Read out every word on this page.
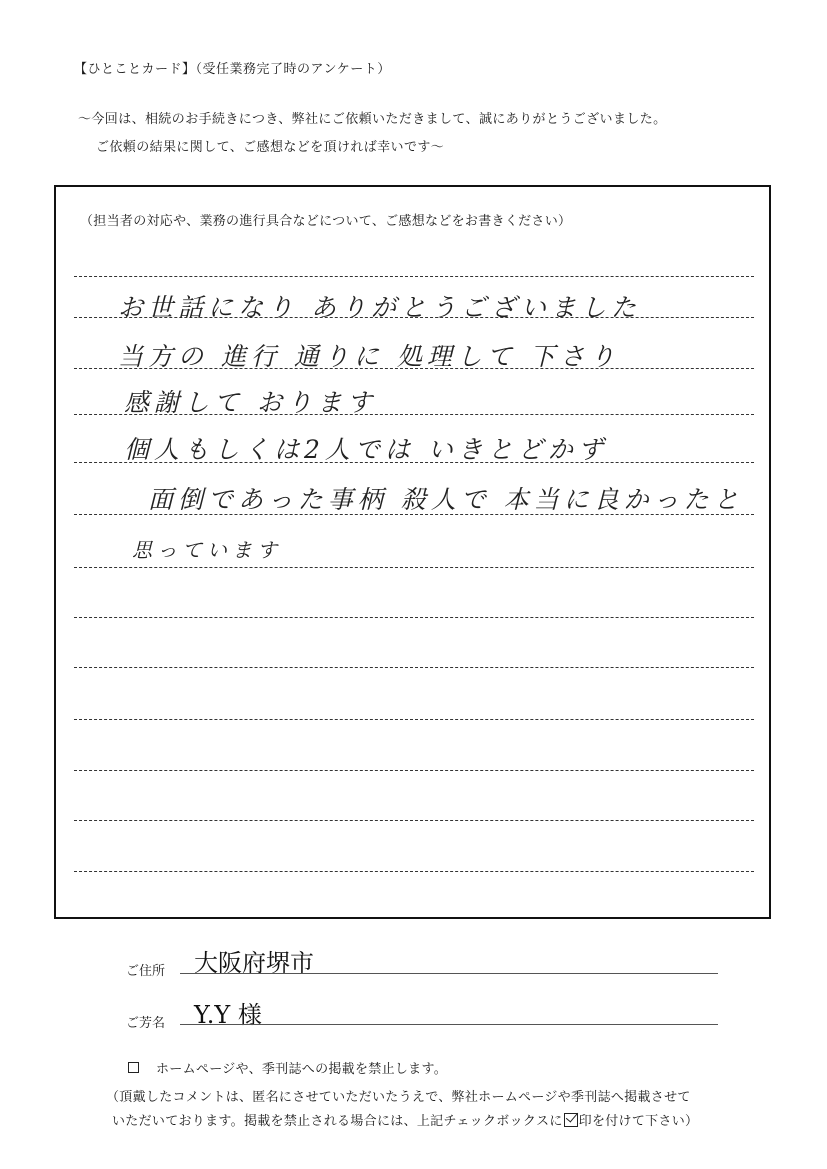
【ひとことカード】（受任業務完了時のアンケート）
～今回は、相続のお手続きにつき、弊社にご依頼いただきまして、誠にありがとうございました。
ご依頼の結果に関して、ご感想などを頂ければ幸いです～
（担当者の対応や、業務の進行具合などについて、ご感想などをお書きください）
お世話になり ありがとうございました
当方の 進行 通りに 処理して 下さり
感謝して おります
個人もしくは2人では いきとどかず
面倒であった事柄 殺人で 本当に良かったと
思っています
ご住所 大阪府堺市
ご芳名 Y.Y 様
ホームページや、季刊誌への掲載を禁止します。
（頂戴したコメントは、匿名にさせていただいたうえで、弊社ホームページや季刊誌へ掲載させて
いただいております。掲載を禁止される場合には、上記チェックボックスに 印を付けて下さい）
